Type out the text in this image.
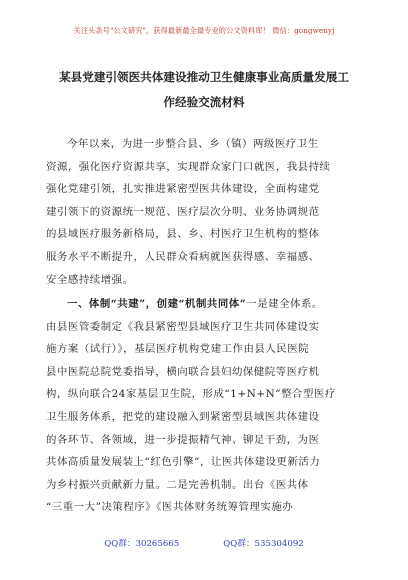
关注头条号"公文研究"，获得最新最全最专业的公文资料库！ 微信：gongwenyj
某县党建引领医共体建设推动卫生健康事业高质量发展工
作经验交流材料
今年以来，为进一步整合县、乡（镇）两级医疗卫生
资源，强化医疗资源共享，实现群众家门口就医，我县持续
强化党建引领，扎实推进紧密型医共体建设，全面构建党
建引领下的资源统一规范、医疗层次分明、业务协调规范
的县域医疗服务新格局，县、乡、村医疗卫生机构的整体
服务水平不断提升，人民群众看病就医获得感、幸福感、
安全感持续增强。
一、体制“共建”，创建“机制共同体”一是建全体系。
由县医管委制定《我县紧密型县域医疗卫生共同体建设实
施方案（试行）》，基层医疗机构党建工作由县人民医院
县中医院总院党委指导，横向联合县妇幼保健院等医疗机
构，纵向联合24家基层卫生院，形成“1+N+N”整合型医疗
卫生服务体系，把党的建设融入到紧密型县域医共体建设
的各环节、各领域，进一步提振精气神、铆足干劲，为医
共体高质量发展装上“红色引擎”，让医共体建设更新活力
为乡村振兴贡献新力量。二是完善机制。出台《医共体
“三重一大”决策程序》《医共体财务统筹管理实施办
QQ群：30265665	QQ群：535304092
